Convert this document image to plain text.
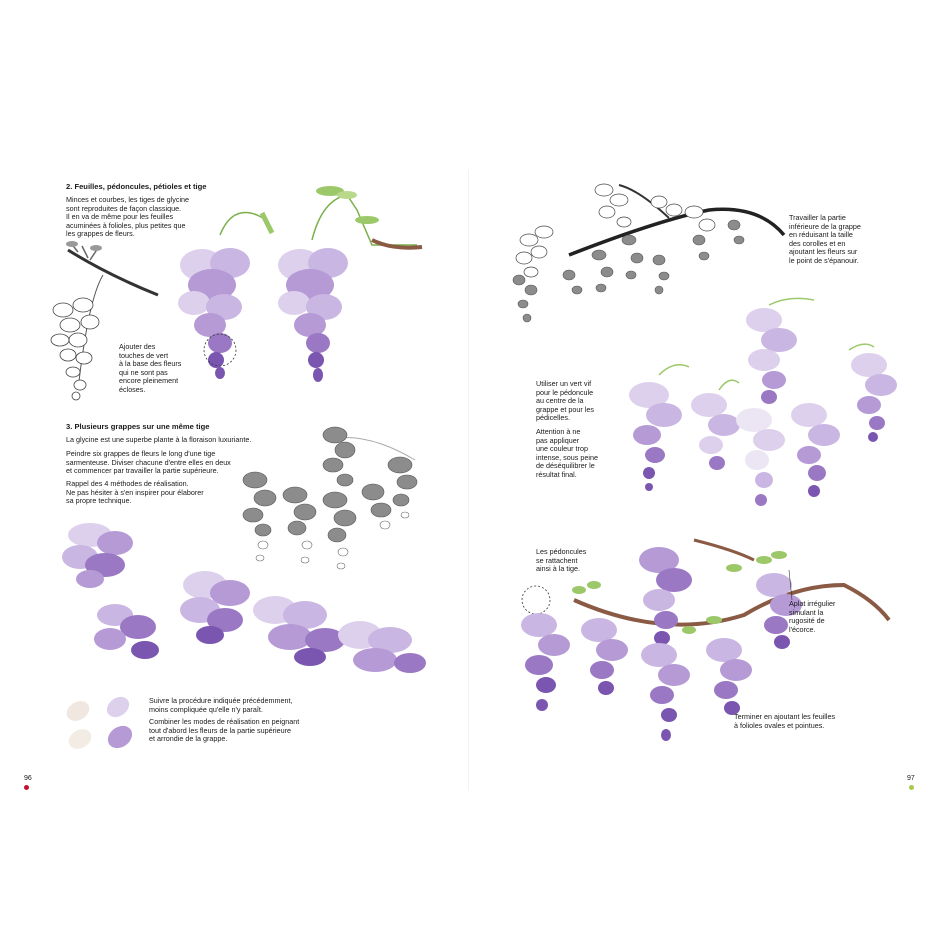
2. Feuilles, pédoncules, pétioles et tige
Minces et courbes, les tiges de glycine
sont reproduites de façon classique.
Il en va de même pour les feuilles
acuminées à folioles, plus petites que
les grappes de fleurs.
Ajouter des
touches de vert
à la base des fleurs
qui ne sont pas
encore pleinement
écloses.
3. Plusieurs grappes sur une même tige
La glycine est une superbe plante à la floraison luxuriante.
Peindre six grappes de fleurs le long d'une tige
sarmenteuse. Diviser chacune d'entre elles en deux
et commencer par travailler la partie supérieure.
Rappel des 4 méthodes de réalisation.
Ne pas hésiter à s'en inspirer pour élaborer
sa propre technique.
Suivre la procédure indiquée précédemment,
moins compliquée qu'elle n'y paraît.
Combiner les modes de réalisation en peignant
tout d'abord les fleurs de la partie supérieure
et arrondie de la grappe.
96
Travailler la partie
inférieure de la grappe
en réduisant la taille
des corolles et en
ajoutant les fleurs sur
le point de s'épanouir.
Utiliser un vert vif
pour le pédoncule
au centre de la
grappe et pour les
pédicelles.
Attention à ne
pas appliquer
une couleur trop
intense, sous peine
de déséquilibrer le
résultat final.
Les pédoncules
se rattachent
ainsi à la tige.
Aplat irrégulier
simulant la
rugosité de
l'écorce.
Terminer en ajoutant les feuilles
à folioles ovales et pointues.
97
